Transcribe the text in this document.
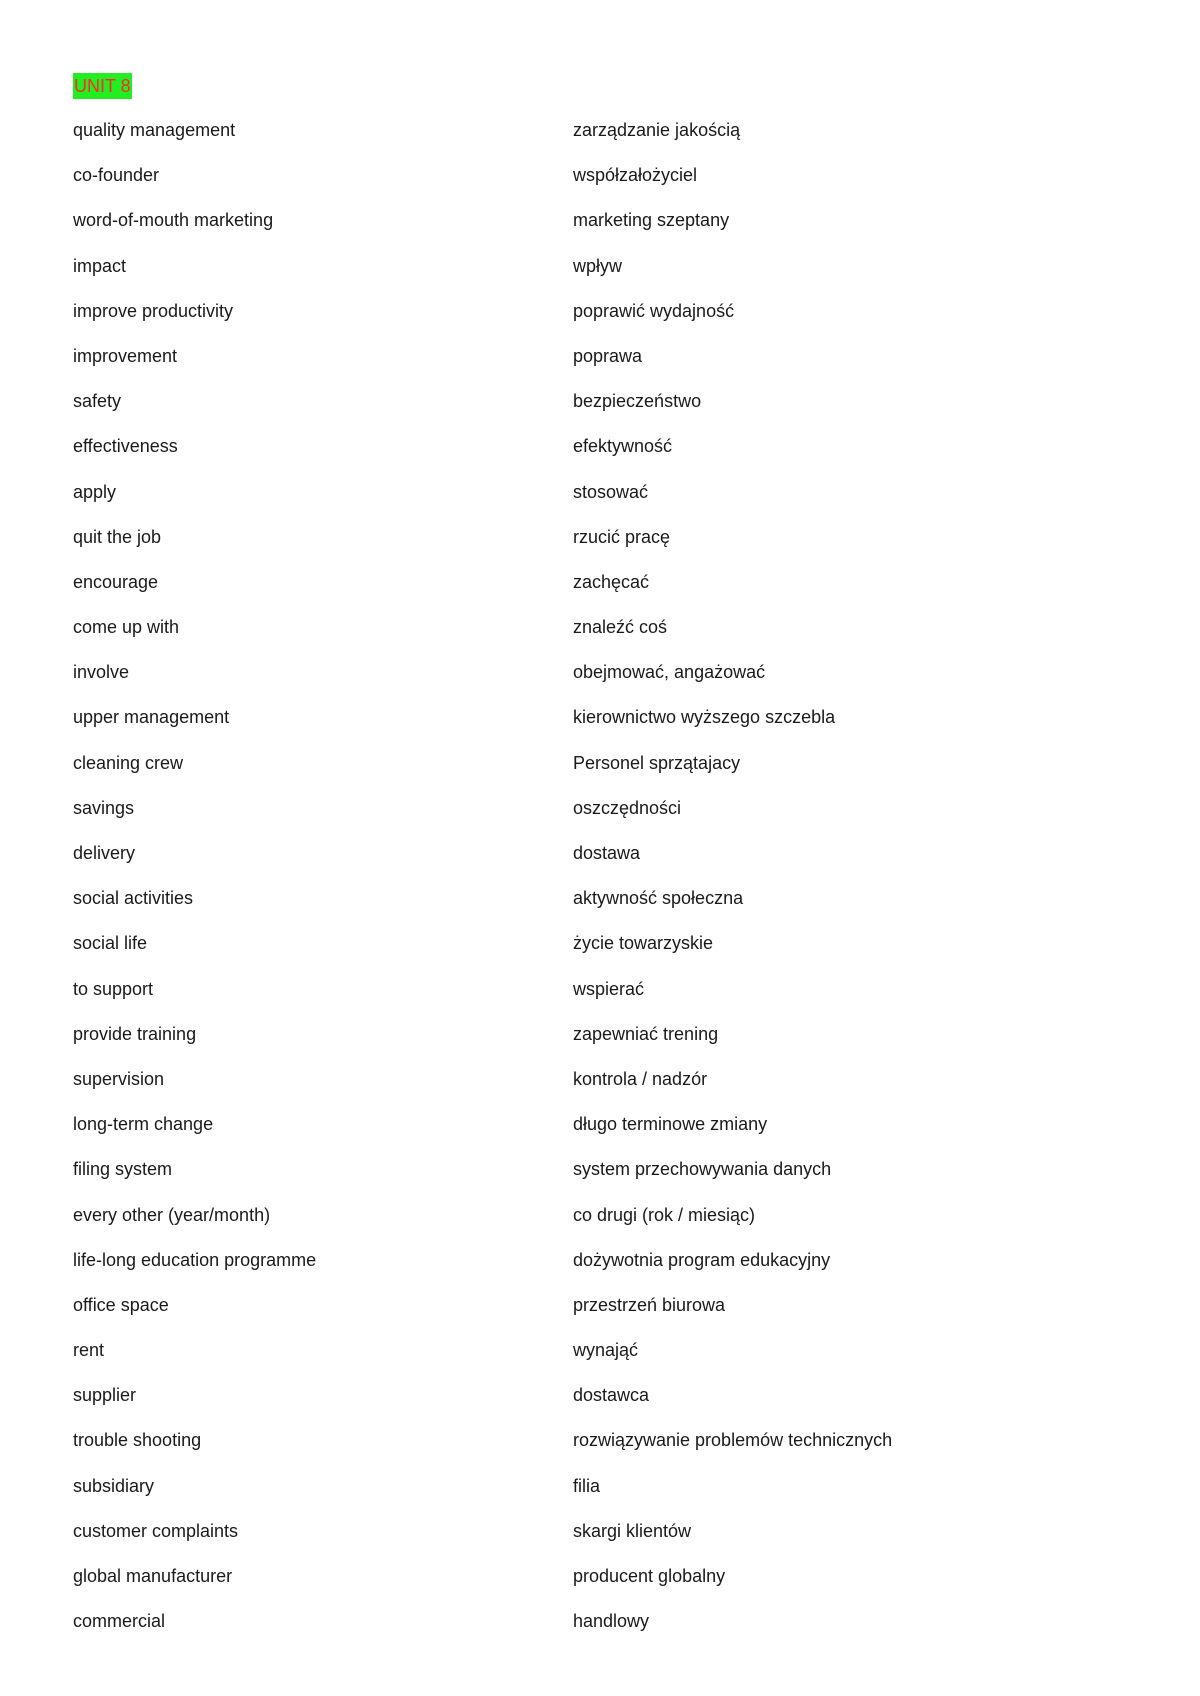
UNIT 8
quality management	zarządzanie jakością
co-founder	współzałożyciel
word-of-mouth marketing	marketing szeptany
impact	wpływ
improve productivity	poprawić wydajność
improvement	poprawa
safety	bezpieczeństwo
effectiveness	efektywność
apply	stosować
quit the job	rzucić pracę
encourage	zachęcać
come up with	znaleźć coś
involve	obejmować, angażować
upper management	kierownictwo wyższego szczebla
cleaning crew	Personel sprzątajacy
savings	oszczędności
delivery	dostawa
social activities	aktywność społeczna
social life	życie towarzyskie
to support	wspierać
provide training	zapewniać trening
supervision	kontrola / nadzór
long-term change	długo terminowe zmiany
filing system	system przechowywania danych
every other (year/month)	co drugi (rok / miesiąc)
life-long education programme	dożywotnia program edukacyjny
office space	przestrzeń biurowa
rent	wynająć
supplier	dostawca
trouble shooting	rozwiązywanie problemów technicznych
subsidiary	filia
customer complaints	skargi klientów
global manufacturer	producent globalny
commercial	handlowy
